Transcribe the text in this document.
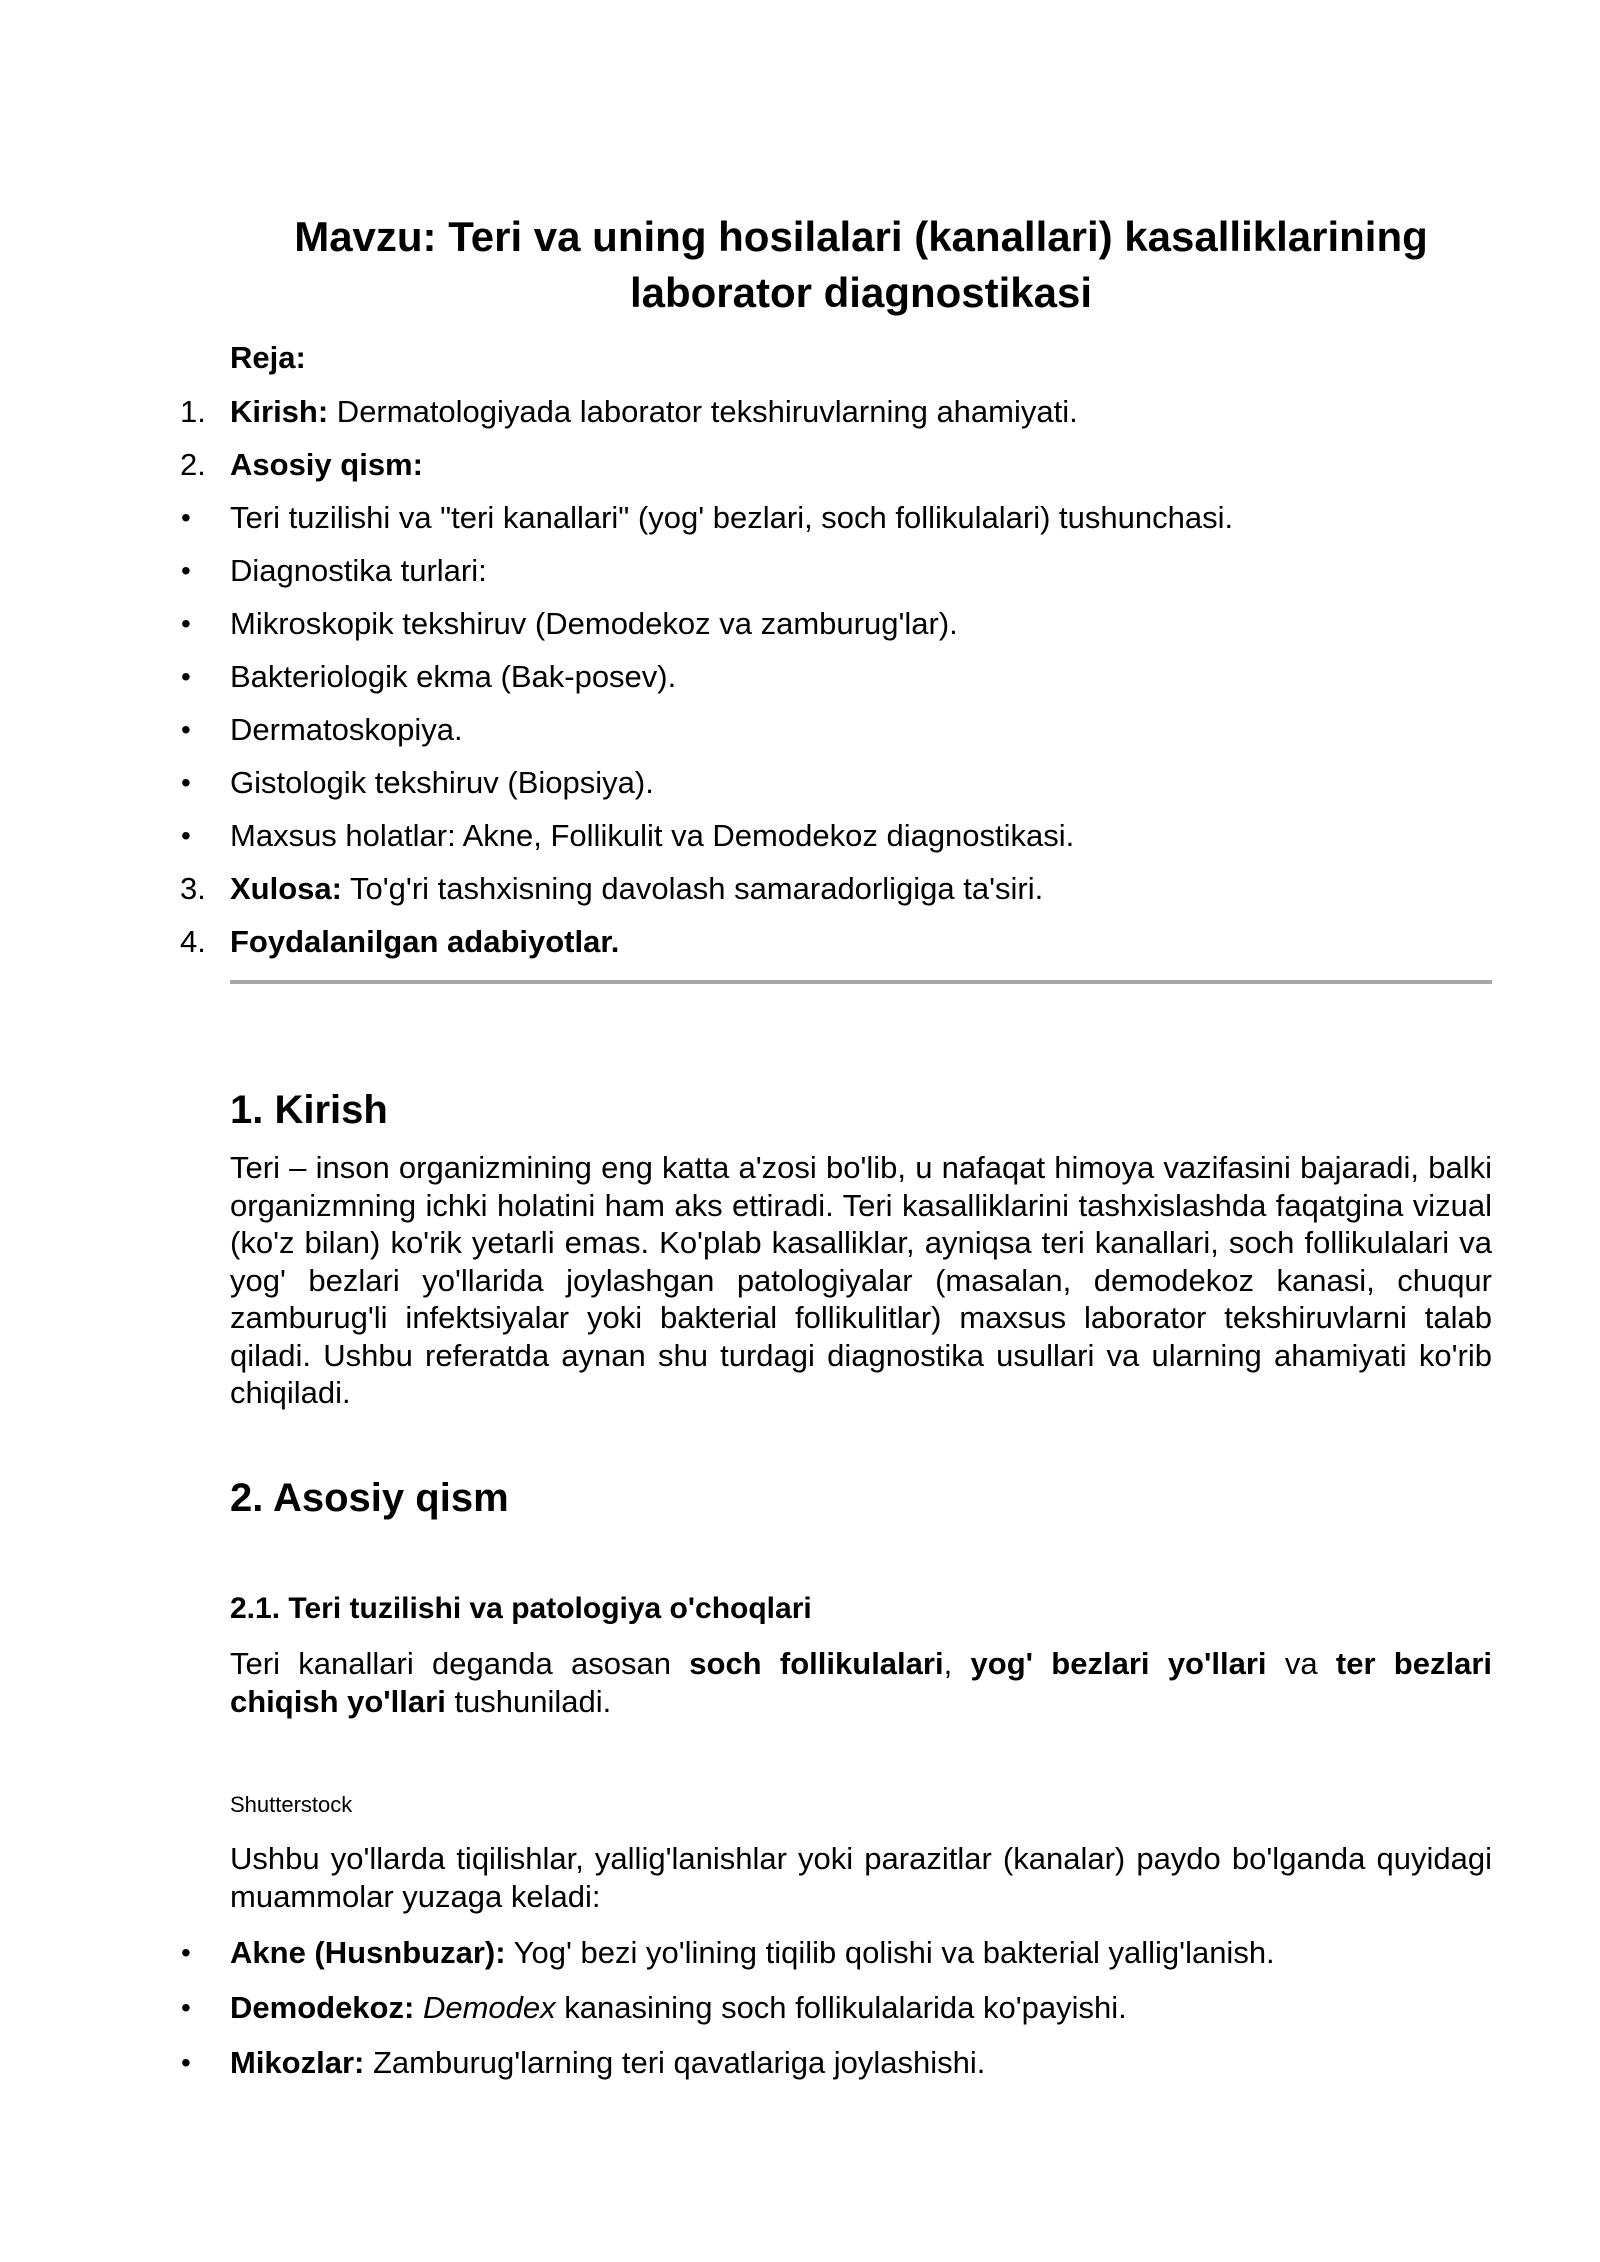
Mavzu: Teri va uning hosilalari (kanallari) kasalliklarining laborator diagnostikasi
Reja:
1. Kirish: Dermatologiyada laborator tekshiruvlarning ahamiyati.
2. Asosiy qism:
•	Teri tuzilishi va "teri kanallari" (yog' bezlari, soch follikulalari) tushunchasi.
•	Diagnostika turlari:
•	Mikroskopik tekshiruv (Demodekoz va zamburug'lar).
•	Bakteriologik ekma (Bak-posev).
•	Dermatoskopiya.
•	Gistologik tekshiruv (Biopsiya).
•	Maxsus holatlar: Akne, Follikulit va Demodekoz diagnostikasi.
3. Xulosa: To'g'ri tashxisning davolash samaradorligiga ta'siri.
4. Foydalanilgan adabiyotlar.
1. Kirish

Teri – inson organizmining eng katta a'zosi bo'lib, u nafaqat himoya vazifasini bajaradi, balki organizmning ichki holatini ham aks ettiradi. Teri kasalliklarini tashxislashda faqatgina vizual (ko'z bilan) ko'rik yetarli emas. Ko'plab kasalliklar, ayniqsa teri kanallari, soch follikulalari va yog' bezlari yo'llarida joylashgan patologiyalar (masalan, demodekoz kanasi, chuqur zamburug'li infektsiyalar yoki bakterial follikulitlar) maxsus laborator tekshiruvlarni talab qiladi. Ushbu referatda aynan shu turdagi diagnostika usullari va ularning ahamiyati ko'rib chiqiladi.

2. Asosiy qism
2.1. Teri tuzilishi va patologiya o'choqlari

Teri kanallari deganda asosan soch follikulalari, yog' bezlari yo'llari va ter bezlari chiqish yo'llari tushuniladi.

Shutterstock

Ushbu yo'llarda tiqilishlar, yallig'lanishlar yoki parazitlar (kanalar) paydo bo'lganda quyidagi muammolar yuzaga keladi:

• Akne (Husnbuzar): Yog' bezi yo'lining tiqilib qolishi va bakterial yallig'lanish.
• Demodekoz: Demodex kanasining soch follikulalarida ko'payishi.
• Mikozlar: Zamburug'larning teri qavatlariga joylashishi.
